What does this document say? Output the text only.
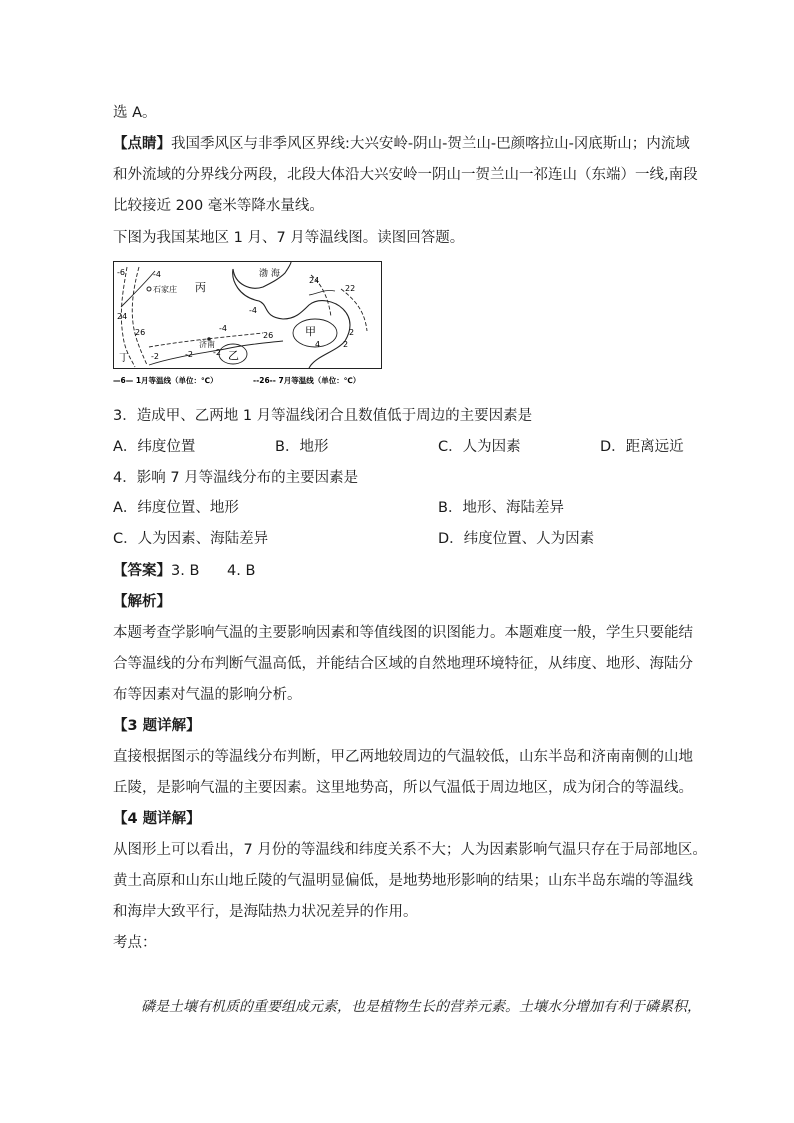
选 A。
【点睛】我国季风区与非季风区界线:大兴安岭-阴山-贺兰山-巴颜喀拉山-冈底斯山；内流域
和外流域的分界线分两段，北段大体沿大兴安岭一阴山一贺兰山一祁连山（东端）一线,南段
比较接近 200 毫米等降水量线。
下图为我国某地区 1 月、7 月等温线图。读图回答题。
渤 海
石家庄 丙
济南
乙
甲
丁
-6	-4
-4
-4
24
24
26	26
22
-2	-2	-2
4	2
2
—6— 1月等温线（单位：℃）	--26-- 7月等温线（单位：℃）
3．造成甲、乙两地 1 月等温线闭合且数值低于周边的主要因素是
A．纬度位置	B．地形	C．人为因素	D．距离远近
4．影响 7 月等温线分布的主要因素是
A．纬度位置、地形	B．地形、海陆差异
C．人为因素、海陆差异	D．纬度位置、人为因素
【答案】3. B      4. B
【解析】
本题考查学影响气温的主要影响因素和等值线图的识图能力。本题难度一般，学生只要能结
合等温线的分布判断气温高低，并能结合区域的自然地理环境特征，从纬度、地形、海陆分
布等因素对气温的影响分析。
【3 题详解】
直接根据图示的等温线分布判断，甲乙两地较周边的气温较低，山东半岛和济南南侧的山地
丘陵，是影响气温的主要因素。这里地势高，所以气温低于周边地区，成为闭合的等温线。
【4 题详解】
从图形上可以看出，7 月份的等温线和纬度关系不大；人为因素影响气温只存在于局部地区。
黄土高原和山东山地丘陵的气温明显偏低，是地势地形影响的结果；山东半岛东端的等温线
和海岸大致平行，是海陆热力状况差异的作用。
考点：
磷是土壤有机质的重要组成元素，也是植物生长的营养元素。土壤水分增加有利于磷累积，
